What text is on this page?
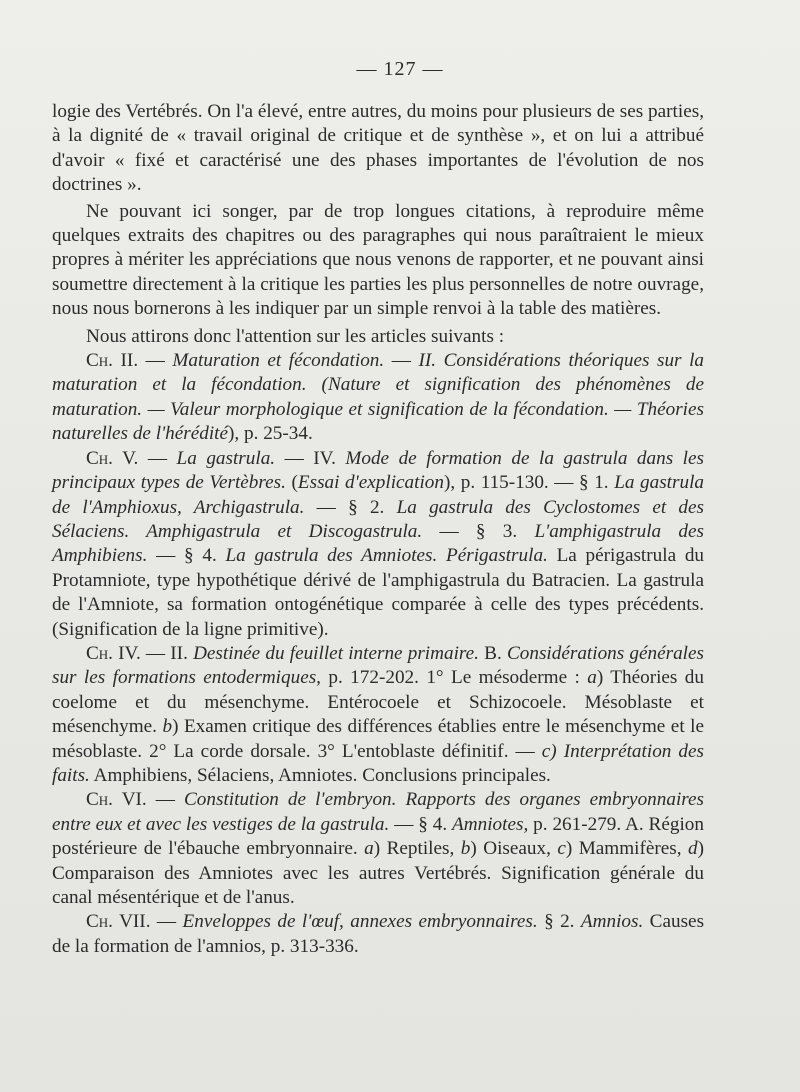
— 127 —

logie des Vertébrés. On l'a élevé, entre autres, du moins pour plusieurs de ses parties, à la dignité de « travail original de critique et de synthèse », et on lui a attribué d'avoir « fixé et caractérisé une des phases importantes de l'évolution de nos doctrines ».

Ne pouvant ici songer, par de trop longues citations, à reproduire même quelques extraits des chapitres ou des paragraphes qui nous paraîtraient le mieux propres à mériter les appréciations que nous venons de rapporter, et ne pouvant ainsi soumettre directement à la critique les parties les plus personnelles de notre ouvrage, nous nous bornerons à les indiquer par un simple renvoi à la table des matières.

Nous attirons donc l'attention sur les articles suivants :

Ch. II. — Maturation et fécondation. — II. Considérations théoriques sur la maturation et la fécondation. (Nature et signification des phénomènes de maturation. — Valeur morphologique et signification de la fécondation. — Théories naturelles de l'hérédité), p. 25-34.

Ch. V. — La gastrula. — IV. Mode de formation de la gastrula dans les principaux types de Vertèbres. (Essai d'explication), p. 115-130. — § 1. La gastrula de l'Amphioxus, Archigastrula. — § 2. La gastrula des Cyclostomes et des Sélaciens. Amphigastrula et Discogastrula. — § 3. L'amphigastrula des Amphibiens. — § 4. La gastrula des Amniotes. Périgastrula. La périgastrula du Protamniote, type hypothétique dérivé de l'amphigastrula du Batracien. La gastrula de l'Amniote, sa formation ontogénétique comparée à celle des types précédents. (Signification de la ligne primitive).

Ch. IV. — II. Destinée du feuillet interne primaire. B. Considérations générales sur les formations entodermiques, p. 172-202. 1° Le mésoderme : a) Théories du coelome et du mésenchyme. Entérocoele et Schizocoele. Mésoblaste et mésenchyme. b) Examen critique des différences établies entre le mésenchyme et le mésoblaste. 2° La corde dorsale. 3° L'entoblaste définitif. — c) Interprétation des faits. Amphibiens, Sélaciens, Amniotes. Conclusions principales.

Ch. VI. — Constitution de l'embryon. Rapports des organes embryonnaires entre eux et avec les vestiges de la gastrula. — § 4. Amniotes, p. 261-279. A. Région postérieure de l'ébauche embryonnaire. a) Reptiles, b) Oiseaux, c) Mammifères, d) Comparaison des Amniotes avec les autres Vertébrés. Signification générale du canal mésentérique et de l'anus.

Ch. VII. — Enveloppes de l'œuf, annexes embryonnaires. § 2. Amnios. Causes de la formation de l'amnios, p. 313-336.
